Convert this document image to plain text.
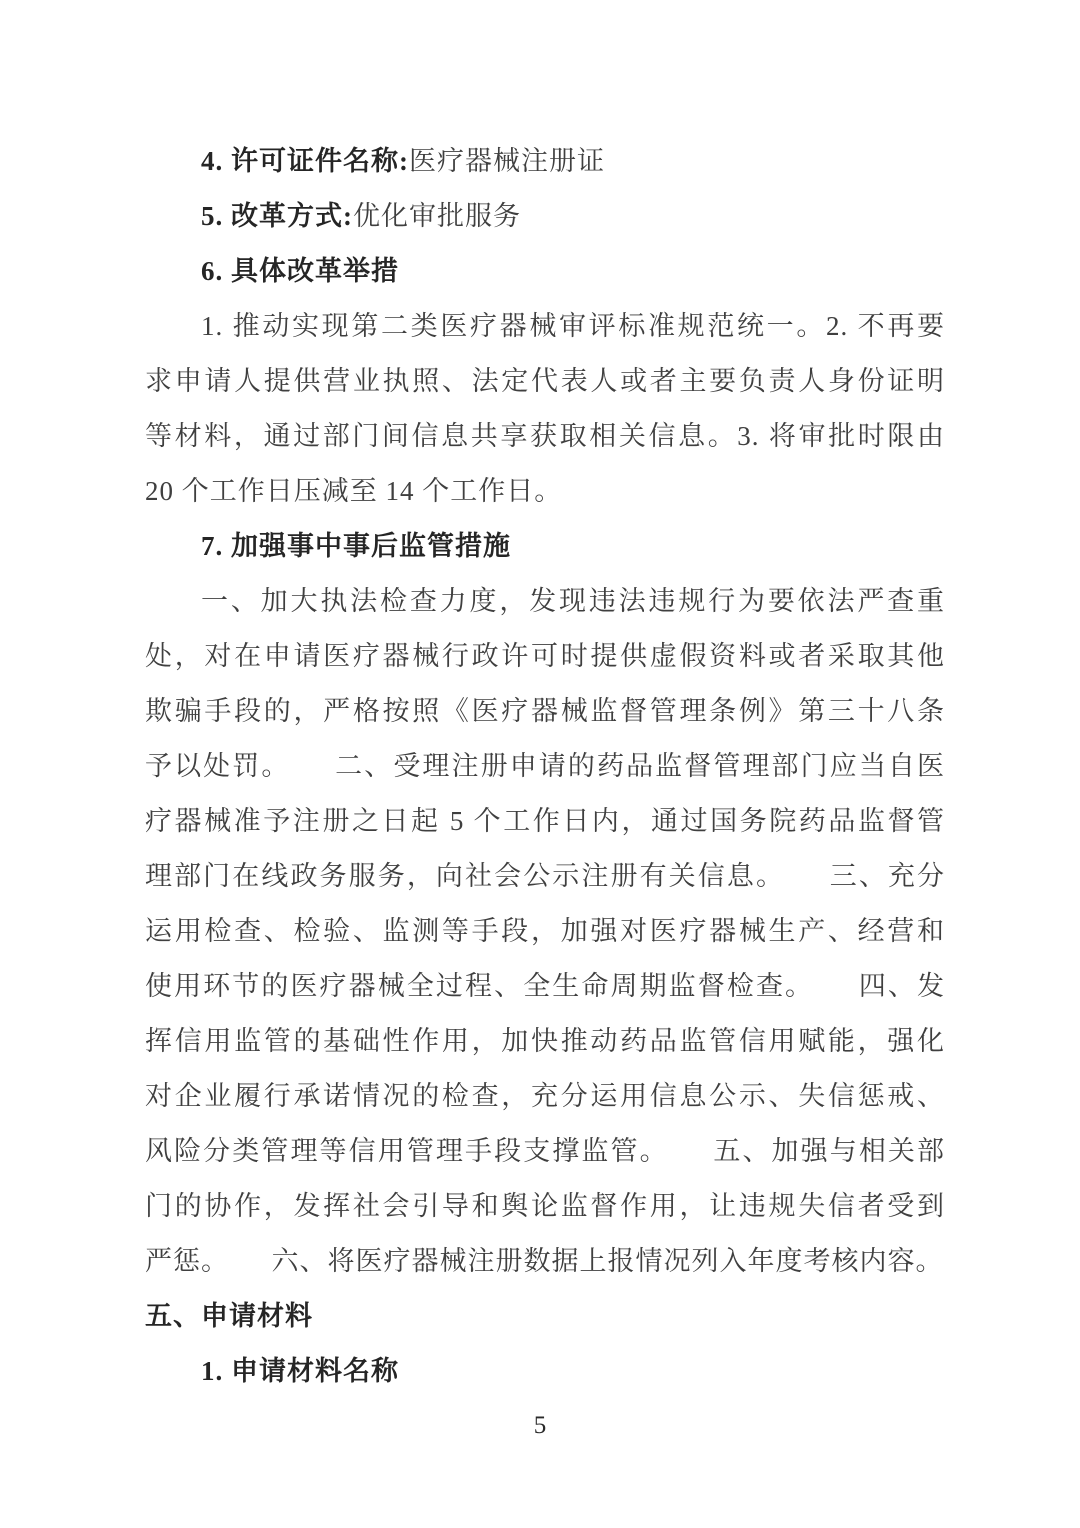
4. 许可证件名称:医疗器械注册证
5. 改革方式:优化审批服务
6. 具体改革举措
1. 推动实现第二类医疗器械审评标准规范统一。2. 不再要
求申请人提供营业执照、法定代表人或者主要负责人身份证明
等材料，通过部门间信息共享获取相关信息。3. 将审批时限由
20 个工作日压减至 14 个工作日。
7. 加强事中事后监管措施
一、加大执法检查力度，发现违法违规行为要依法严查重
处，对在申请医疗器械行政许可时提供虚假资料或者采取其他
欺骗手段的，严格按照《医疗器械监督管理条例》第三十八条
予以处罚。　　二、受理注册申请的药品监督管理部门应当自医
疗器械准予注册之日起 5 个工作日内，通过国务院药品监督管
理部门在线政务服务，向社会公示注册有关信息。　　三、充分
运用检查、检验、监测等手段，加强对医疗器械生产、经营和
使用环节的医疗器械全过程、全生命周期监督检查。　　四、发
挥信用监管的基础性作用，加快推动药品监管信用赋能，强化
对企业履行承诺情况的检查，充分运用信息公示、失信惩戒、
风险分类管理等信用管理手段支撑监管。　　五、加强与相关部
门的协作，发挥社会引导和舆论监督作用，让违规失信者受到
严惩。　　六、将医疗器械注册数据上报情况列入年度考核内容。
五、申请材料
1. 申请材料名称
5
